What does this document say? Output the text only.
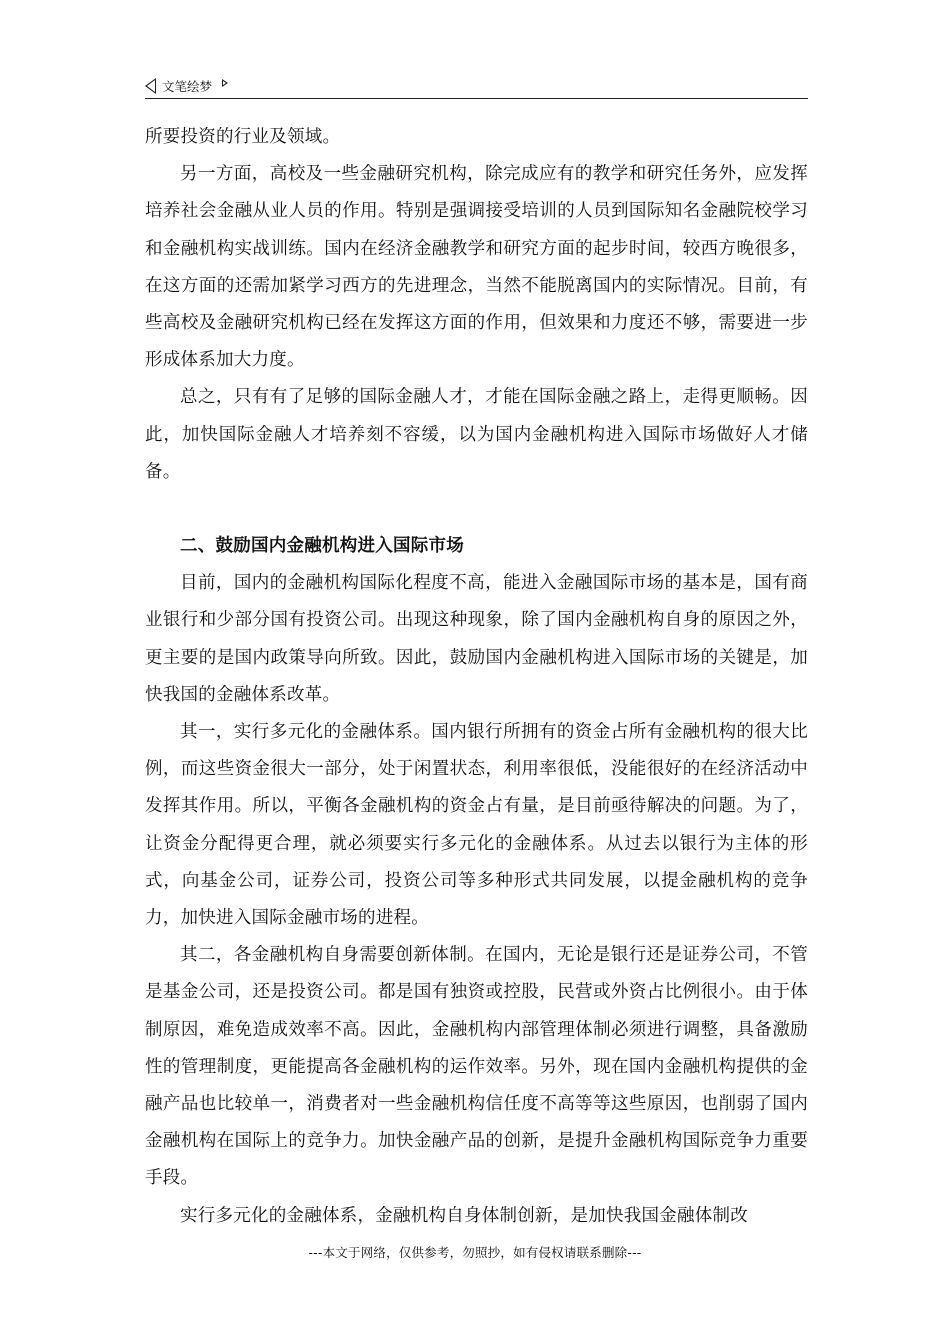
文笔绘梦

所要投资的行业及领域。

另一方面，高校及一些金融研究机构，除完成应有的教学和研究任务外，应发挥培养社会金融从业人员的作用。特别是强调接受培训的人员到国际知名金融院校学习和金融机构实战训练。国内在经济金融教学和研究方面的起步时间，较西方晚很多，在这方面的还需加紧学习西方的先进理念，当然不能脱离国内的实际情况。目前，有些高校及金融研究机构已经在发挥这方面的作用，但效果和力度还不够，需要进一步形成体系加大力度。

总之，只有有了足够的国际金融人才，才能在国际金融之路上，走得更顺畅。因此，加快国际金融人才培养刻不容缓，以为国内金融机构进入国际市场做好人才储备。

二、鼓励国内金融机构进入国际市场

目前，国内的金融机构国际化程度不高，能进入金融国际市场的基本是，国有商业银行和少部分国有投资公司。出现这种现象，除了国内金融机构自身的原因之外，更主要的是国内政策导向所致。因此，鼓励国内金融机构进入国际市场的关键是，加快我国的金融体系改革。

其一，实行多元化的金融体系。国内银行所拥有的资金占所有金融机构的很大比例，而这些资金很大一部分，处于闲置状态，利用率很低，没能很好的在经济活动中发挥其作用。所以，平衡各金融机构的资金占有量，是目前亟待解决的问题。为了，让资金分配得更合理，就必须要实行多元化的金融体系。从过去以银行为主体的形式，向基金公司，证券公司，投资公司等多种形式共同发展，以提金融机构的竞争力，加快进入国际金融市场的进程。

其二，各金融机构自身需要创新体制。在国内，无论是银行还是证券公司，不管是基金公司，还是投资公司。都是国有独资或控股，民营或外资占比例很小。由于体制原因，难免造成效率不高。因此，金融机构内部管理体制必须进行调整，具备激励性的管理制度，更能提高各金融机构的运作效率。另外，现在国内金融机构提供的金融产品也比较单一，消费者对一些金融机构信任度不高等等这些原因，也削弱了国内金融机构在国际上的竞争力。加快金融产品的创新，是提升金融机构国际竞争力重要手段。

实行多元化的金融体系，金融机构自身体制创新，是加快我国金融体制改

---本文于网络，仅供参考，勿照抄，如有侵权请联系删除---
